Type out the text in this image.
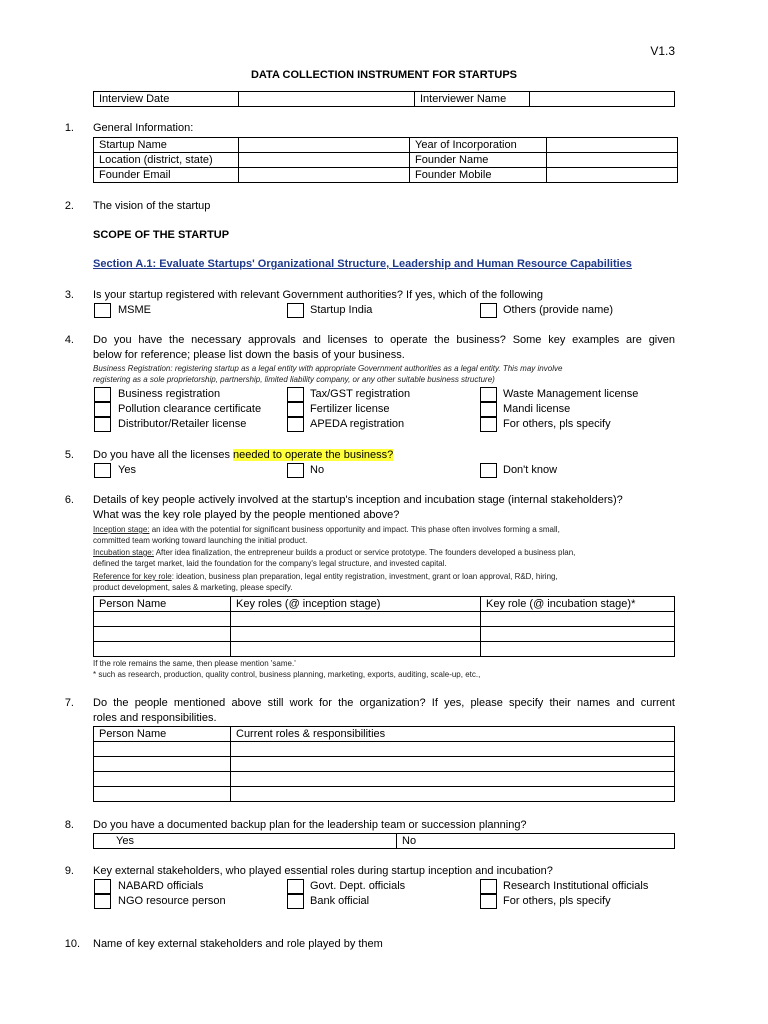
V1.3
DATA COLLECTION INSTRUMENT FOR STARTUPS
Interview Date		Interviewer Name	
1. General Information:
Startup Name		Year of Incorporation	
Location (district, state)		Founder Name	
Founder Email		Founder Mobile	
2. The vision of the startup
SCOPE OF THE STARTUP
Section A.1: Evaluate Startups' Organizational Structure, Leadership and Human Resource Capabilities
3. Is your startup registered with relevant Government authorities? If yes, which of the following
MSME	Startup India	Others (provide name)
4. Do you have the necessary approvals and licenses to operate the business? Some key examples are given
below for reference; please list down the basis of your business.
Business Registration: registering startup as a legal entity with appropriate Government authorities as a legal entity. This may involve
registering as a sole proprietorship, partnership, limited liability company, or any other suitable business structure)
Business registration	Tax/GST registration	Waste Management license
Pollution clearance certificate	Fertilizer license	Mandi license
Distributor/Retailer license	APEDA registration	For others, pls specify
5. Do you have all the licenses needed to operate the business?
Yes	No	Don't know
6. Details of key people actively involved at the startup's inception and incubation stage (internal stakeholders)?
What was the key role played by the people mentioned above?
Inception stage: an idea with the potential for significant business opportunity and impact. This phase often involves forming a small,
committed team working toward launching the initial product.
Incubation stage: After idea finalization, the entrepreneur builds a product or service prototype. The founders developed a business plan,
defined the target market, laid the foundation for the company's legal structure, and invested capital.
Reference for key role: ideation, business plan preparation, legal entity registration, investment, grant or loan approval, R&D, hiring,
product development, sales & marketing, please specify.
Person Name	Key roles (@ inception stage)	Key role (@ incubation stage)*

If the role remains the same, then please mention 'same.'
* such as research, production, quality control, business planning, marketing, exports, auditing, scale-up, etc.,
7. Do the people mentioned above still work for the organization? If yes, please specify their names and current
roles and responsibilities.
Person Name	Current roles & responsibilities

8. Do you have a documented backup plan for the leadership team or succession planning?
Yes	No
9. Key external stakeholders, who played essential roles during startup inception and incubation?
NABARD officials	Govt. Dept. officials	Research Institutional officials
NGO resource person	Bank official	For others, pls specify
10. Name of key external stakeholders and role played by them
